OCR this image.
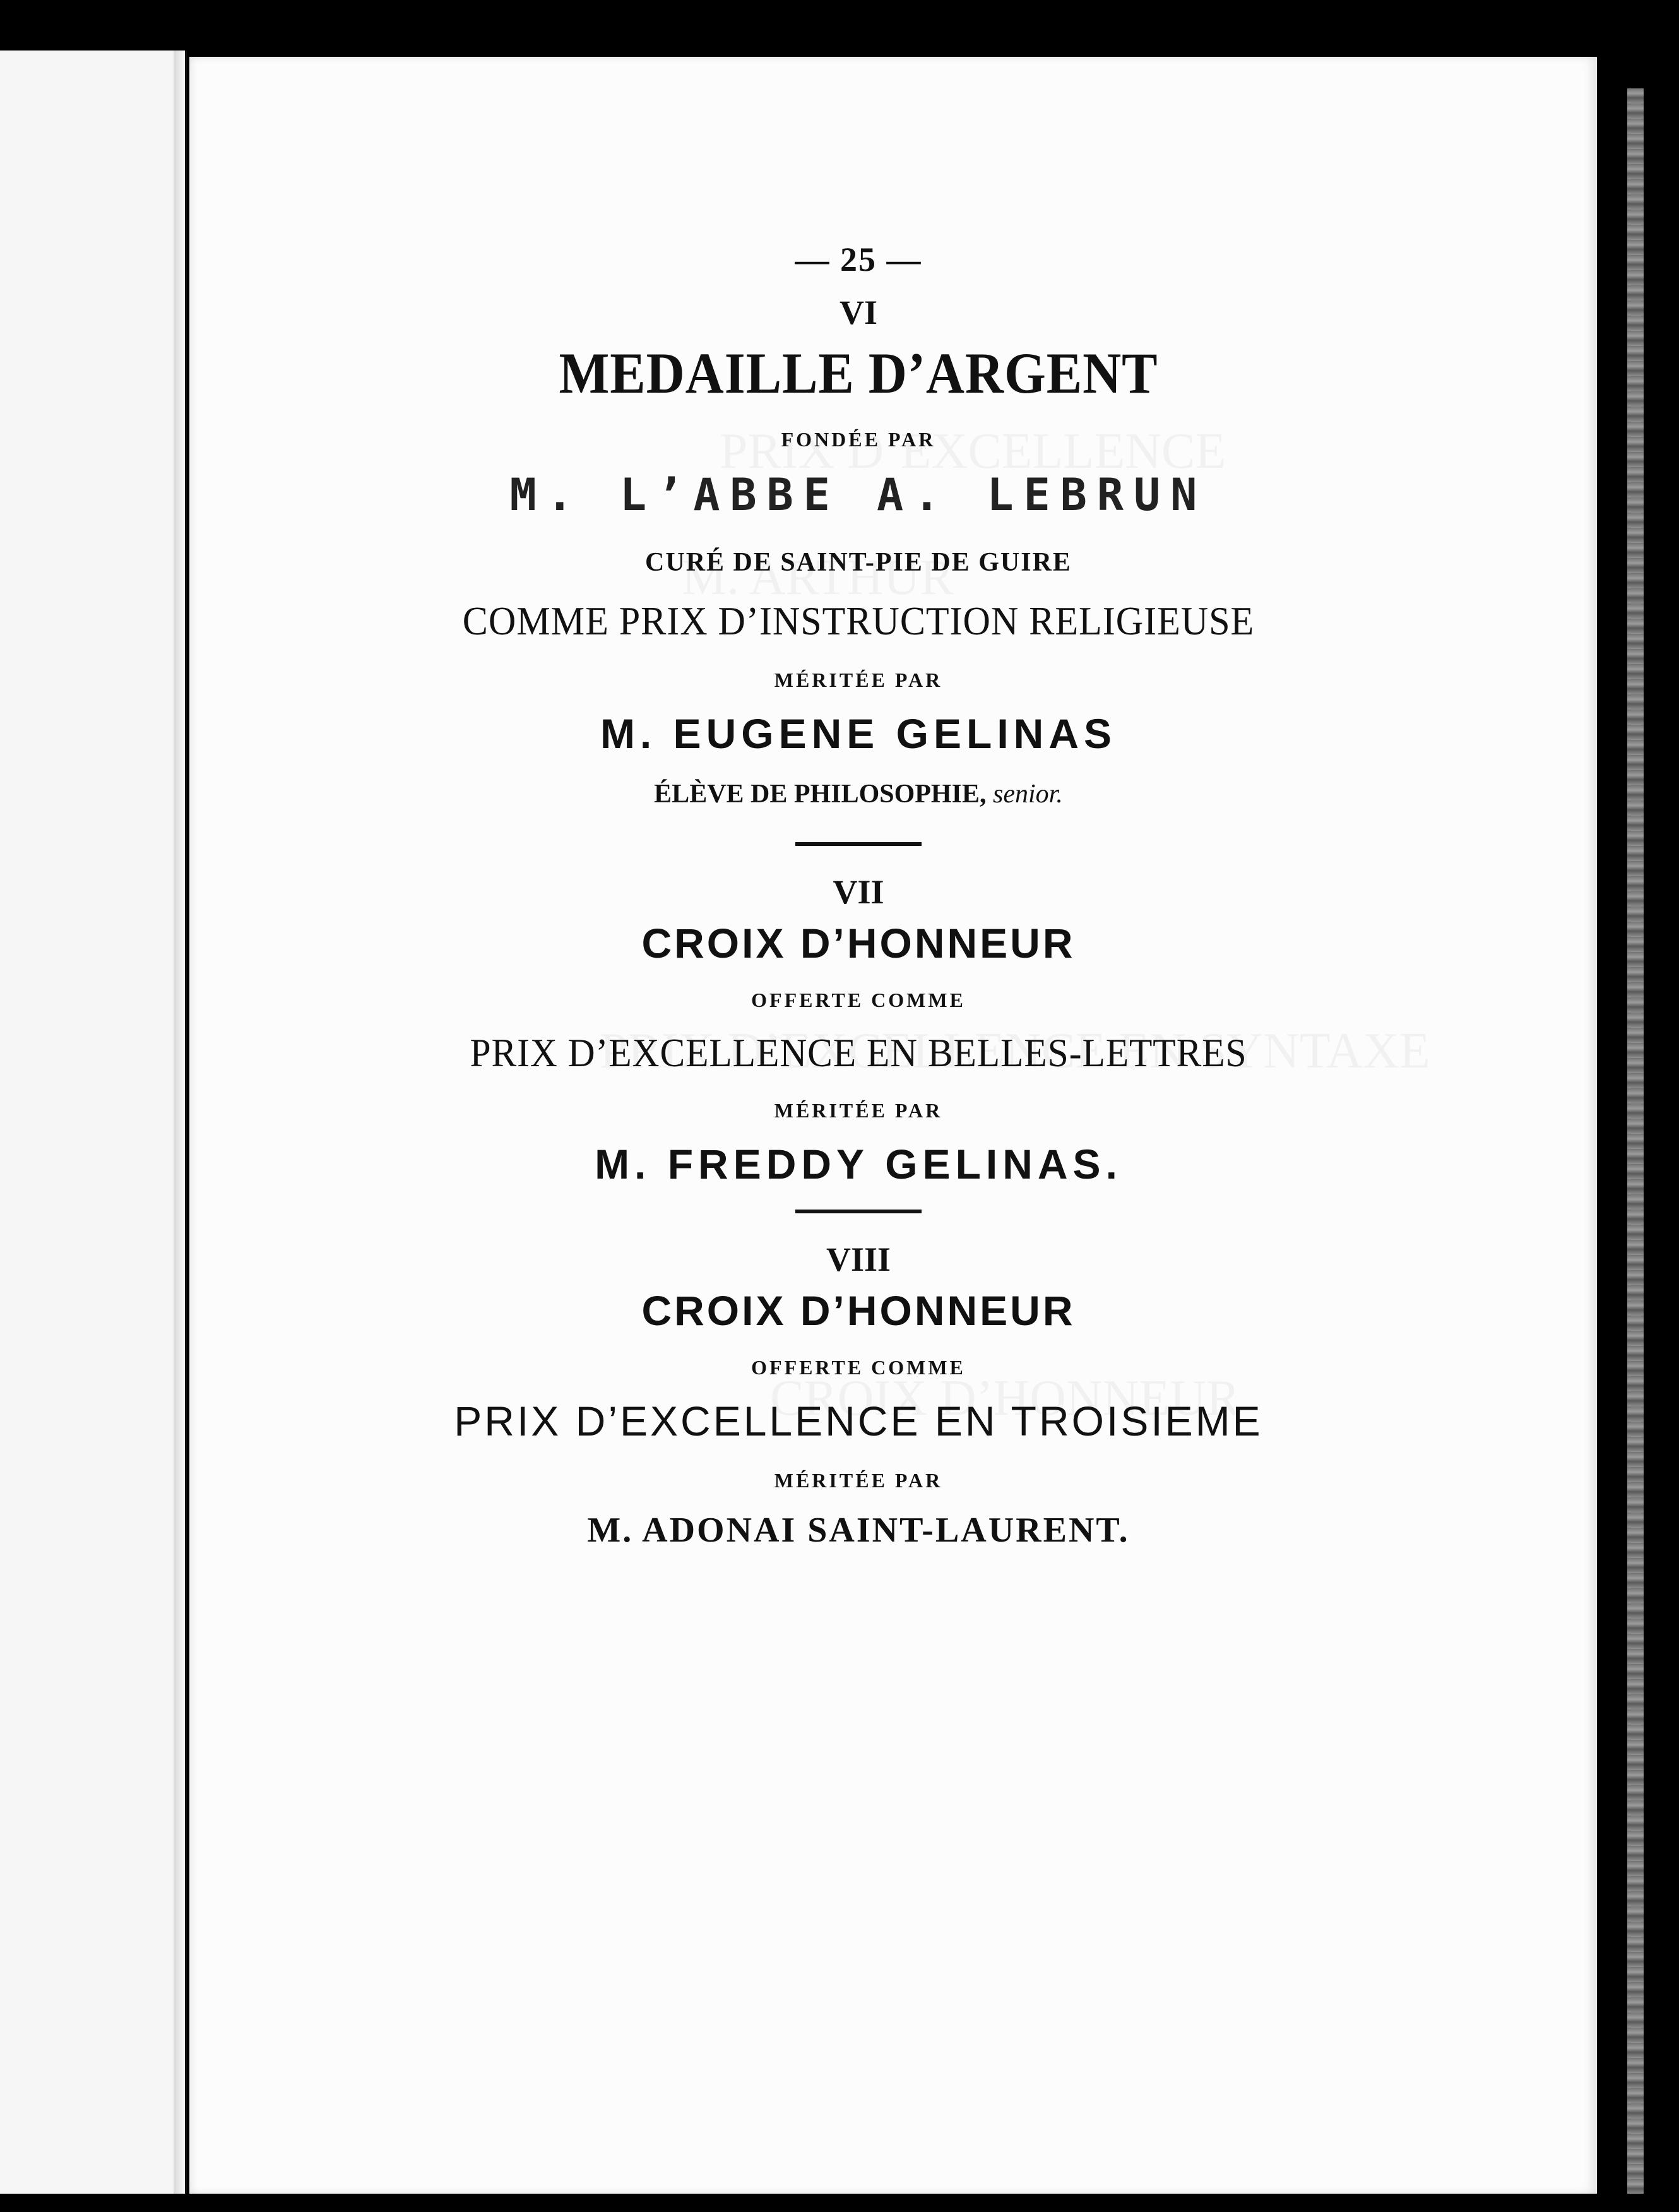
— 25 —
VI
MEDAILLE D’ARGENT
FONDÉE PAR
M. L’ABBE A. LEBRUN
CURÉ DE SAINT-PIE DE GUIRE
COMME PRIX D’INSTRUCTION RELIGIEUSE
MÉRITÉE PAR
M. EUGENE GELINAS
ÉLÈVE DE PHILOSOPHIE, senior.
VII
CROIX D’HONNEUR
OFFERTE COMME
PRIX D’EXCELLENCE EN BELLES-LETTRES
MÉRITÉE PAR
M. FREDDY GELINAS.
VIII
CROIX D’HONNEUR
OFFERTE COMME
PRIX D’EXCELLENCE EN TROISIEME
MÉRITÉE PAR
M. ADONAI SAINT-LAURENT.
